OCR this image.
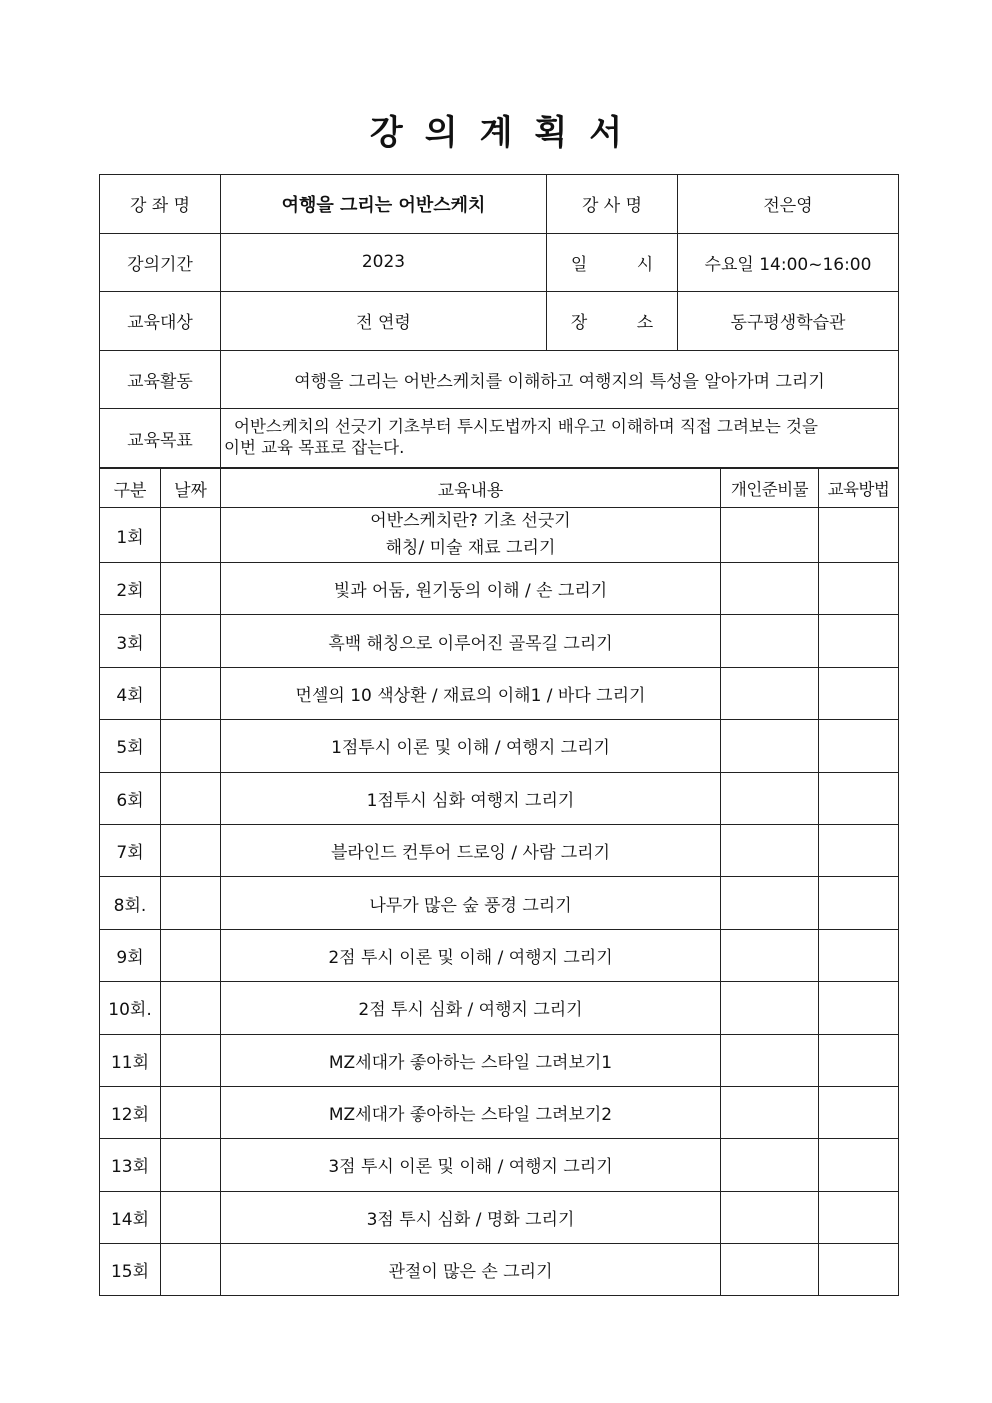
강의계획서
강 좌 명	여행을 그리는 어반스케치	강 사 명	전은영
강의기간	2023	일 시	수요일 14:00~16:00
교육대상	전 연령	장 소	동구평생학습관
교육활동	여행을 그리는 어반스케치를 이해하고 여행지의 특성을 알아가며 그리기		
교육목표	어반스케치의 선긋기 기초부터 투시도법까지 배우고 이해하며 직접 그려보는 것을
이번 교육 목표로 잡는다.		
구분	날짜	교육내용	개인준비물	교육방법
1회		어반스케치란? 기초 선긋기
해칭/ 미술 재료 그리기		

2회		빛과 어둠, 원기둥의 이해 / 손 그리기		
3회		흑백 해칭으로 이루어진 골목길 그리기		
4회		먼셀의 10 색상환 / 재료의 이해1 / 바다 그리기		
5회		1점투시 이론 및 이해 / 여행지 그리기		
6회		1점투시 심화 여행지 그리기		
7회		블라인드 컨투어 드로잉 / 사람 그리기		
8회.		나무가 많은 숲 풍경 그리기		
9회		2점 투시 이론 및 이해 / 여행지 그리기		
10회.		2점 투시 심화 / 여행지 그리기		
11회		MZ세대가 좋아하는 스타일 그려보기1		
12회		MZ세대가 좋아하는 스타일 그려보기2		
13회		3점 투시 이론 및 이해 / 여행지 그리기		
14회		3점 투시 심화 / 명화 그리기		
15회		관절이 많은 손 그리기		
